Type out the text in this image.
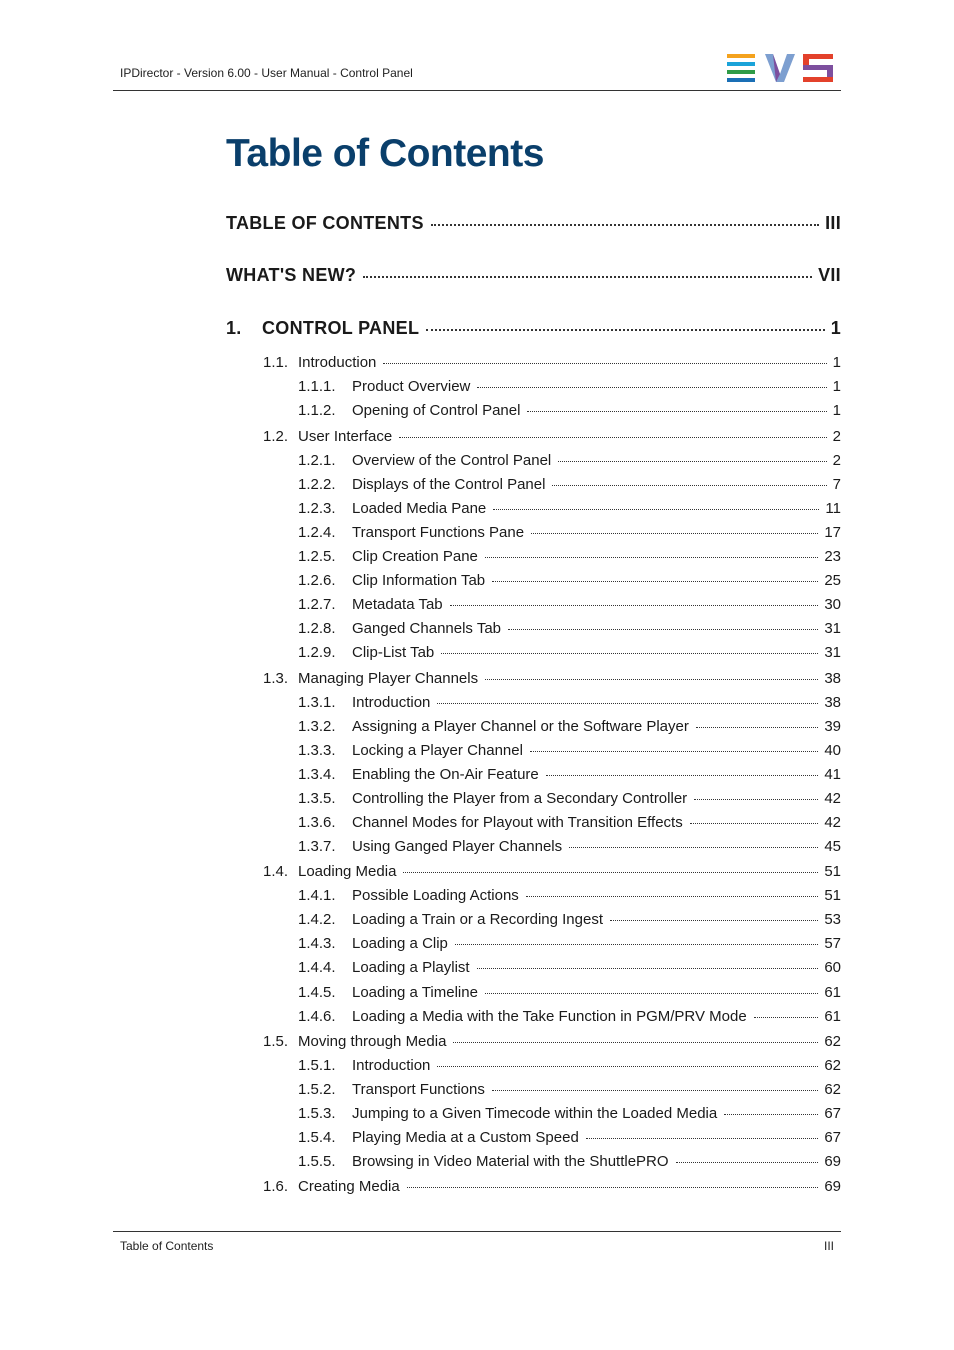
IPDirector - Version 6.00 - User Manual - Control Panel
Table of Contents
TABLE OF CONTENTS	III
WHAT'S NEW?	VII
1.	CONTROL PANEL	1
1.1. Introduction	1
1.1.1.	Product Overview	1
1.1.2.	Opening of Control Panel	1
1.2. User Interface	2
1.2.1.	Overview of the Control Panel	2
1.2.2.	Displays of the Control Panel	7
1.2.3.	Loaded Media Pane	11
1.2.4.	Transport Functions Pane	17
1.2.5.	Clip Creation Pane	23
1.2.6.	Clip Information Tab	25
1.2.7.	Metadata Tab	30
1.2.8.	Ganged Channels Tab	31
1.2.9.	Clip-List Tab	31
1.3. Managing Player Channels	38
1.3.1.	Introduction	38
1.3.2.	Assigning a Player Channel or the Software Player	39
1.3.3.	Locking a Player Channel	40
1.3.4.	Enabling the On-Air Feature	41
1.3.5.	Controlling the Player from a Secondary Controller	42
1.3.6.	Channel Modes for Playout with Transition Effects	42
1.3.7.	Using Ganged Player Channels	45
1.4. Loading Media	51
1.4.1.	Possible Loading Actions	51
1.4.2.	Loading a Train or a Recording Ingest	53
1.4.3.	Loading a Clip	57
1.4.4.	Loading a Playlist	60
1.4.5.	Loading a Timeline	61
1.4.6.	Loading a Media with the Take Function in PGM/PRV Mode	61
1.5. Moving through Media	62
1.5.1.	Introduction	62
1.5.2.	Transport Functions	62
1.5.3.	Jumping to a Given Timecode within the Loaded Media	67
1.5.4.	Playing Media at a Custom Speed	67
1.5.5.	Browsing in Video Material with the ShuttlePRO	69
1.6. Creating Media	69
Table of Contents	III
